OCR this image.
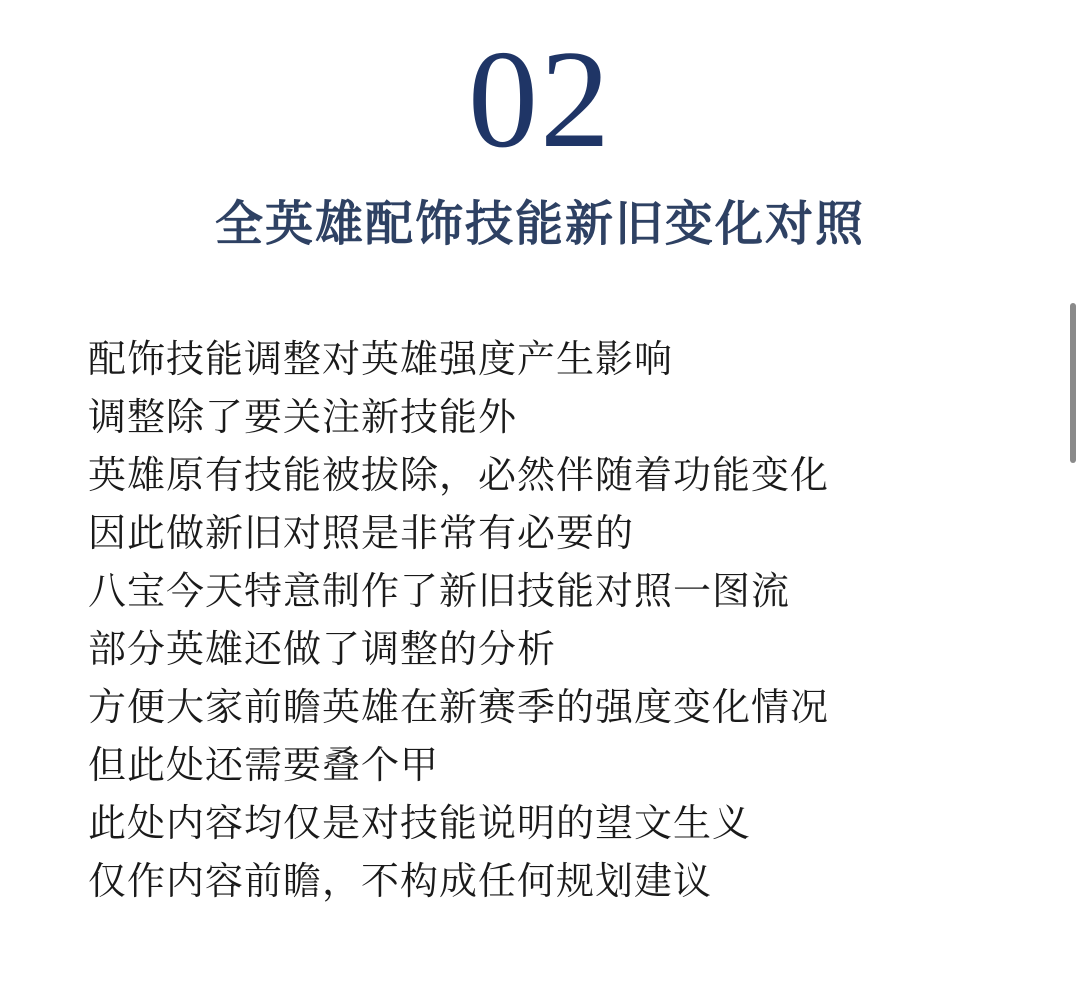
02
全英雄配饰技能新旧变化对照
配饰技能调整对英雄强度产生影响
调整除了要关注新技能外
英雄原有技能被拔除，必然伴随着功能变化
因此做新旧对照是非常有必要的
八宝今天特意制作了新旧技能对照一图流
部分英雄还做了调整的分析
方便大家前瞻英雄在新赛季的强度变化情况
但此处还需要叠个甲
此处内容均仅是对技能说明的望文生义
仅作内容前瞻，不构成任何规划建议
